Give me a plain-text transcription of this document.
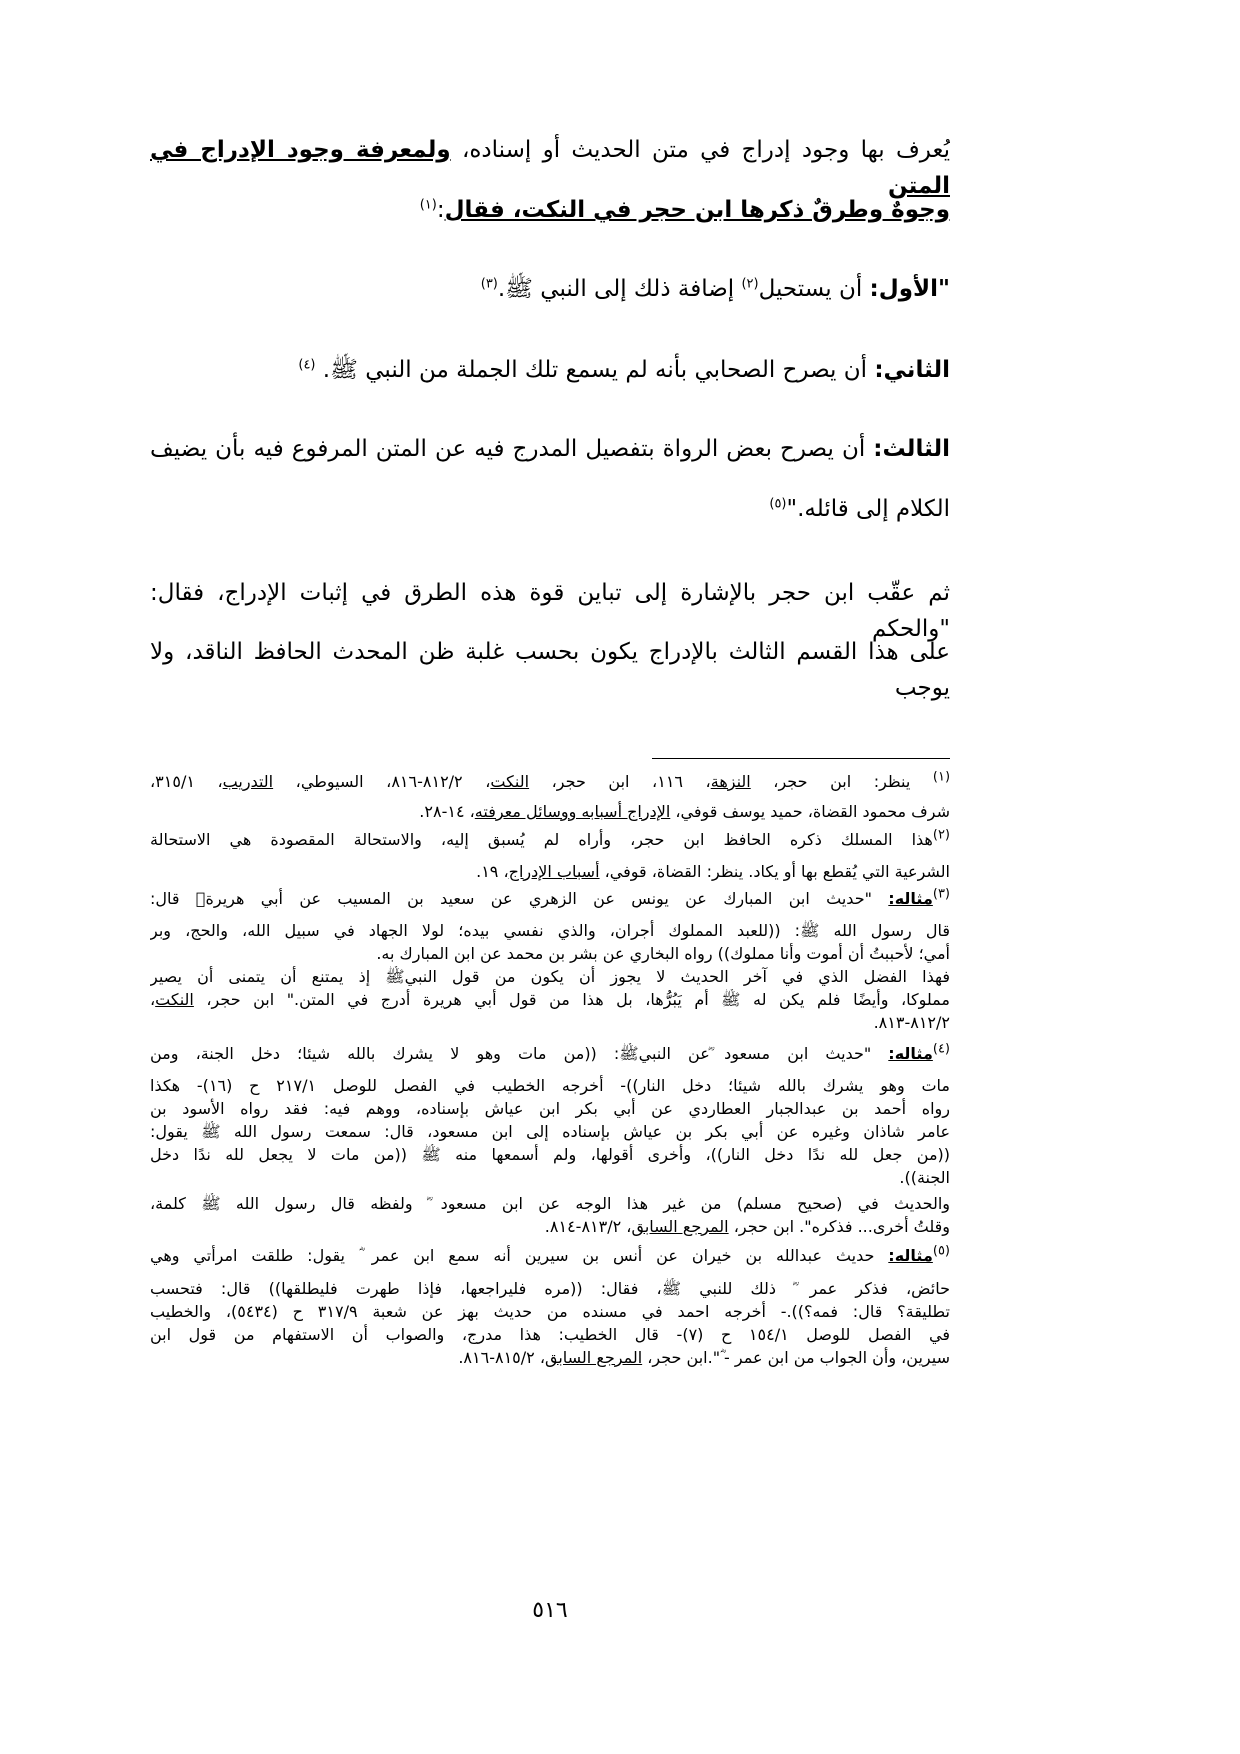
يُعرف بها وجود إدراج في متن الحديث أو إسناده، ولمعرفة وجود الإدراج في المتن
وجوهٌ وطرقٌ ذكرها ابن حجر في النكت، فقال:$^{(١)}$
"الأول: أن يستحيل$^{(٢)}$ إضافة ذلك إلى النبي ﷺ.$^{(٣)}$
الثاني: أن يصرح الصحابي بأنه لم يسمع تلك الجملة من النبي ﷺ. $^{(٤)}$
الثالث: أن يصرح بعض الرواة بتفصيل المدرج فيه عن المتن المرفوع فيه بأن يضيف
الكلام إلى قائله."$^{(٥)}$
ثم عقّب ابن حجر بالإشارة إلى تباين قوة هذه الطرق في إثبات الإدراج، فقال: "والحكم
على هذا القسم الثالث بالإدراج يكون بحسب غلبة ظن المحدث الحافظ الناقد، ولا يوجب
$^{(١)}$ ينظر: ابن حجر، النزهة، ١١٦، ابن حجر، النكت، ٨١٢/٢-٨١٦، السيوطي، التدريب، ٣١٥/١،
شرف محمود القضاة، حميد يوسف قوفي، الإدراج أسبابه ووسائل معرفته، ١٤-٢٨.
$^{(٢)}$هذا المسلك ذكره الحافظ ابن حجر، وأراه لم يُسبق إليه، والاستحالة المقصودة هي الاستحالة
الشرعية التي يُقطع بها أو يكاد. ينظر: القضاة، قوفي، أسباب الإدراج، ١٩.
$^{(٣)}$مثاله: "حديث ابن المبارك عن يونس عن الزهري عن سعيد بن المسيب عن أبي هريرةؓ قال:
قال رسول الله ﷺ: ((للعبد المملوك أجران، والذي نفسي بيده؛ لولا الجهاد في سبيل الله، والحج، وبر
أمي؛ لأحببتُ أن أموت وأنا مملوك)) رواه البخاري عن بشر بن محمد عن ابن المبارك به.
فهذا الفضل الذي في آخر الحديث لا يجوز أن يكون من قول النبيﷺ إذ يمتنع أن يتمنى أن يصير
مملوكا، وأيضًا فلم يكن له ﷺ أم يَبُرُّها، بل هذا من قول أبي هريرة أدرج في المتن." ابن حجر، النكت،
٨١٢/٢-٨١٣.
$^{(٤)}$مثاله: "حديث ابن مسعود ؓعن النبيﷺ: ((من مات وهو لا يشرك بالله شيئا؛ دخل الجنة، ومن
مات وهو يشرك بالله شيئا؛ دخل النار))- أخرجه الخطيب في الفصل للوصل ٢١٧/١ ح (١٦)- هكذا
رواه أحمد بن عبدالجبار العطاردي عن أبي بكر ابن عياش بإسناده، ووهم فيه: فقد رواه الأسود بن
عامر شاذان وغيره عن أبي بكر بن عياش بإسناده إلى ابن مسعود، قال: سمعت رسول الله ﷺ يقول:
((من جعل لله ندًا دخل النار))، وأخرى أقولها، ولم أسمعها منه ﷺ ((من مات لا يجعل لله ندًا دخل
الجنة)).
والحديث في (صحيح مسلم) من غير هذا الوجه عن ابن مسعود ؓ ولفظه قال رسول الله ﷺ كلمة،
وقلتُ أخرى... فذكره". ابن حجر، المرجع السابق، ٨١٣/٢-٨١٤.
$^{(٥)}$مثاله: حديث عبدالله بن خيران عن أنس بن سيرين أنه سمع ابن عمر ؓ يقول: طلقت امرأتي وهي
حائض، فذكر عمر ؓ ذلك للنبي ﷺ، فقال: ((مره فليراجعها، فإذا طهرت فليطلقها)) قال: فتحسب
تطليقة؟ قال: فمه؟)).- أخرجه احمد في مسنده من حديث بهز عن شعبة ٣١٧/٩ ح (٥٤٣٤)، والخطيب
في الفصل للوصل ١٥٤/١ ح (٧)- قال الخطيب: هذا مدرج، والصواب أن الاستفهام من قول ابن
سيرين، وأن الجواب من ابن عمر - ؓ".ابن حجر، المرجع السابق، ٨١٥/٢-٨١٦.
٥١٦
